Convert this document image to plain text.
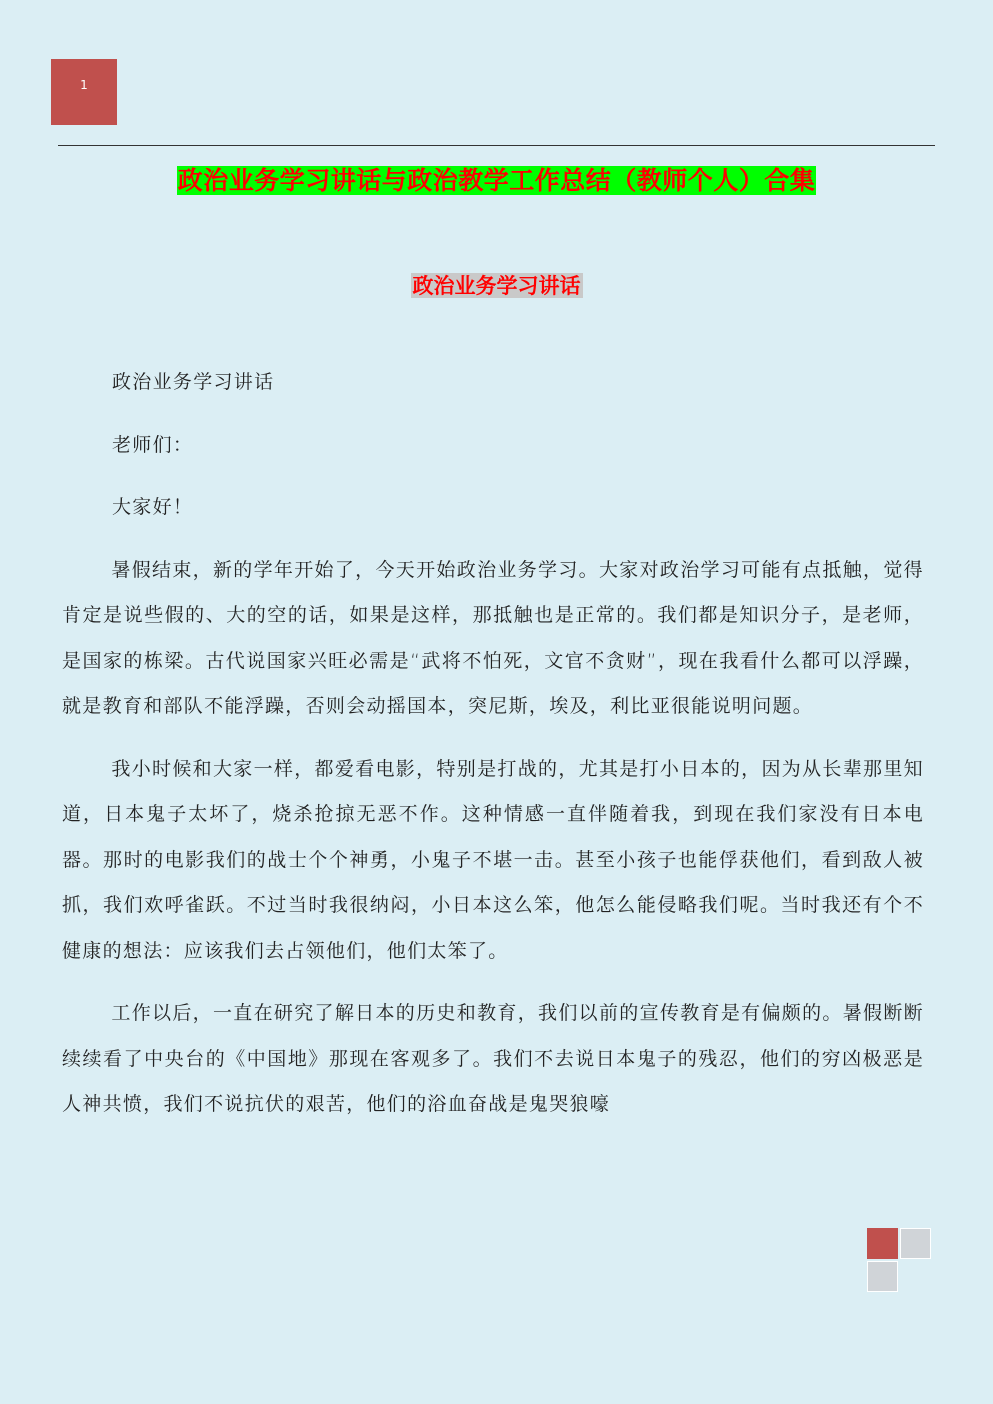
1
政治业务学习讲话与政治教学工作总结（教师个人）合集
政治业务学习讲话

政治业务学习讲话

老师们：

大家好！

暑假结束，新的学年开始了，今天开始政治业务学习。大家对政治学习可能有点抵触，觉得肯定是说些假的、大的空的话，如果是这样，那抵触也是正常的。我们都是知识分子，是老师，是国家的栋梁。古代说国家兴旺必需是“武将不怕死，文官不贪财”，现在我看什么都可以浮躁，就是教育和部队不能浮躁，否则会动摇国本，突尼斯，埃及，利比亚很能说明问题。

我小时候和大家一样，都爱看电影，特别是打战的，尤其是打小日本的，因为从长辈那里知道，日本鬼子太坏了，烧杀抢掠无恶不作。这种情感一直伴随着我，到现在我们家没有日本电器。那时的电影我们的战士个个神勇，小鬼子不堪一击。甚至小孩子也能俘获他们，看到敌人被抓，我们欢呼雀跃。不过当时我很纳闷，小日本这么笨，他怎么能侵略我们呢。当时我还有个不健康的想法：应该我们去占领他们，他们太笨了。

工作以后，一直在研究了解日本的历史和教育，我们以前的宣传教育是有偏颇的。暑假断断续续看了中央台的《中国地》那现在客观多了。我们不去说日本鬼子的残忍，他们的穷凶极恶是人神共愤，我们不说抗伏的艰苦，他们的浴血奋战是鬼哭狼嚎
